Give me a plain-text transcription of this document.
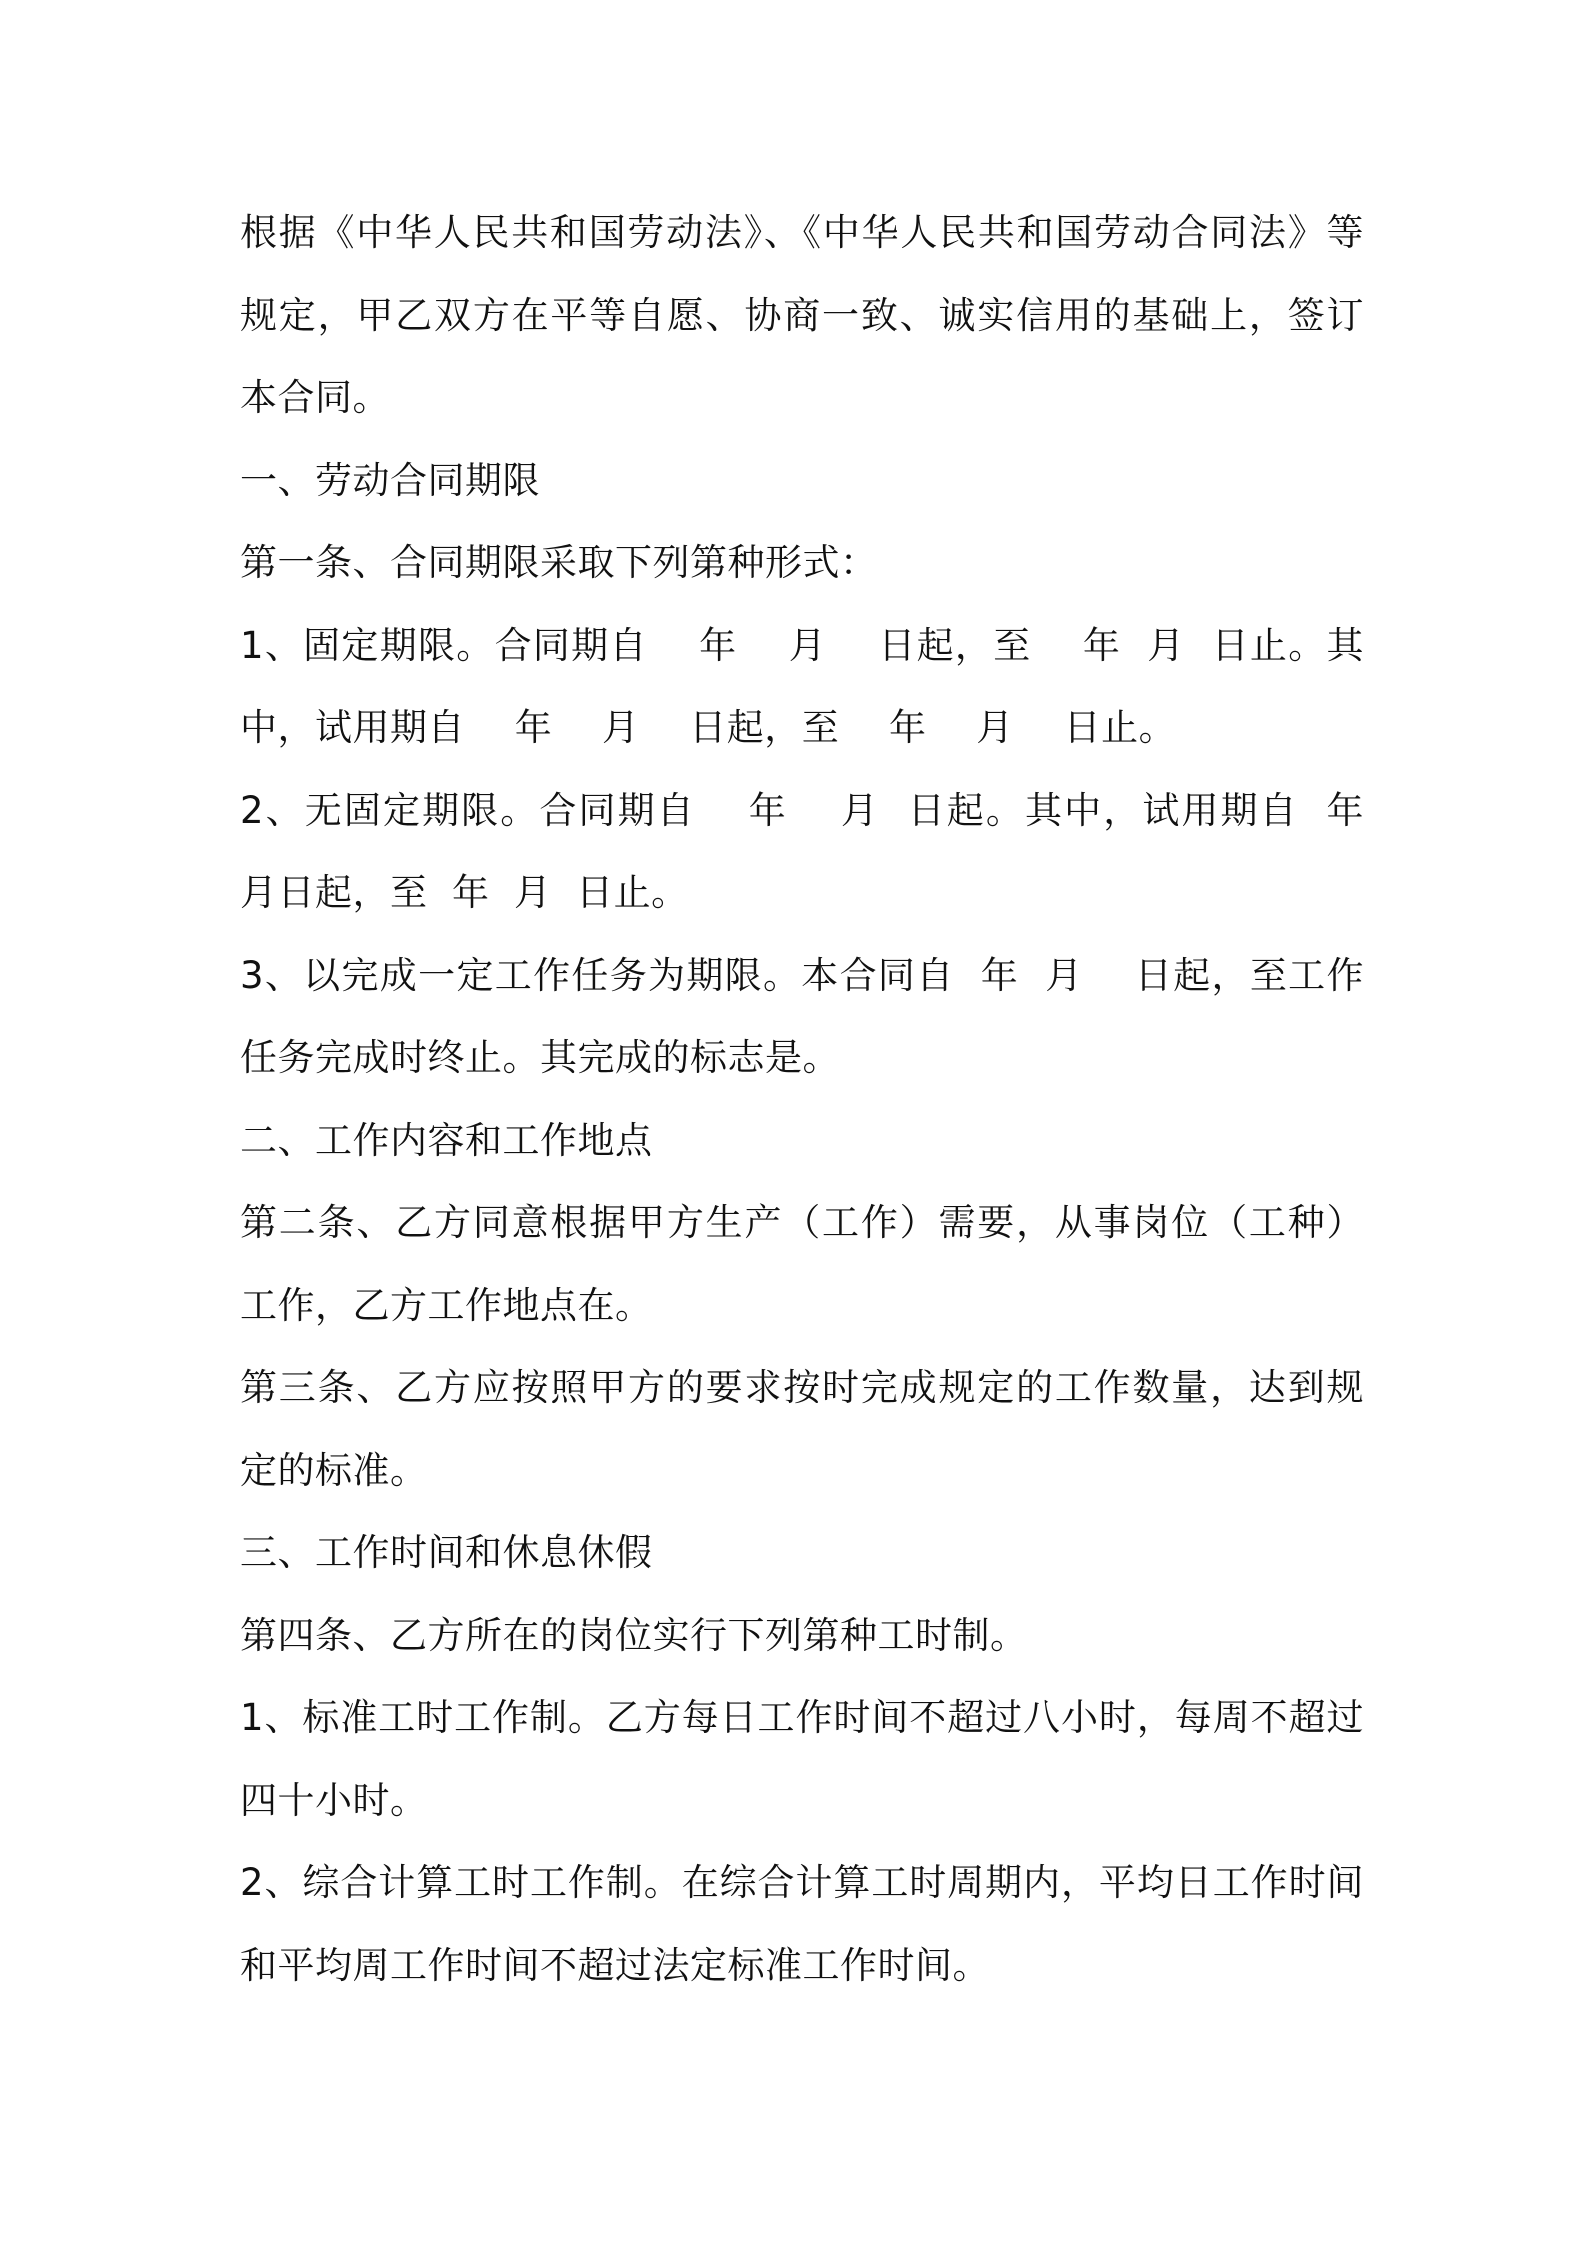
根据《中华人民共和国劳动法》、《中华人民共和国劳动合同法》等规定，甲乙双方在平等自愿、协商一致、诚实信用的基础上，签订本合同。

一、劳动合同期限

第一条、合同期限采取下列第种形式：

1、固定期限。合同期自　 年　 月　 日起，至　 年  月  日止。其中，试用期自　 年　 月　 日起，至　 年　 月　 日止。

2、无固定期限。合同期自　 年　 月  日起。其中，试用期自  年  月日起，至  年  月  日止。

3、以完成一定工作任务为期限。本合同自  年  月　 日起，至工作任务完成时终止。其完成的标志是。

二、工作内容和工作地点

第二条、乙方同意根据甲方生产（工作）需要，从事岗位（工种）工作，乙方工作地点在。

第三条、乙方应按照甲方的要求按时完成规定的工作数量，达到规定的标准。

三、工作时间和休息休假

第四条、乙方所在的岗位实行下列第种工时制。

1、标准工时工作制。乙方每日工作时间不超过八小时，每周不超过四十小时。

2、综合计算工时工作制。在综合计算工时周期内，平均日工作时间和平均周工作时间不超过法定标准工作时间。
